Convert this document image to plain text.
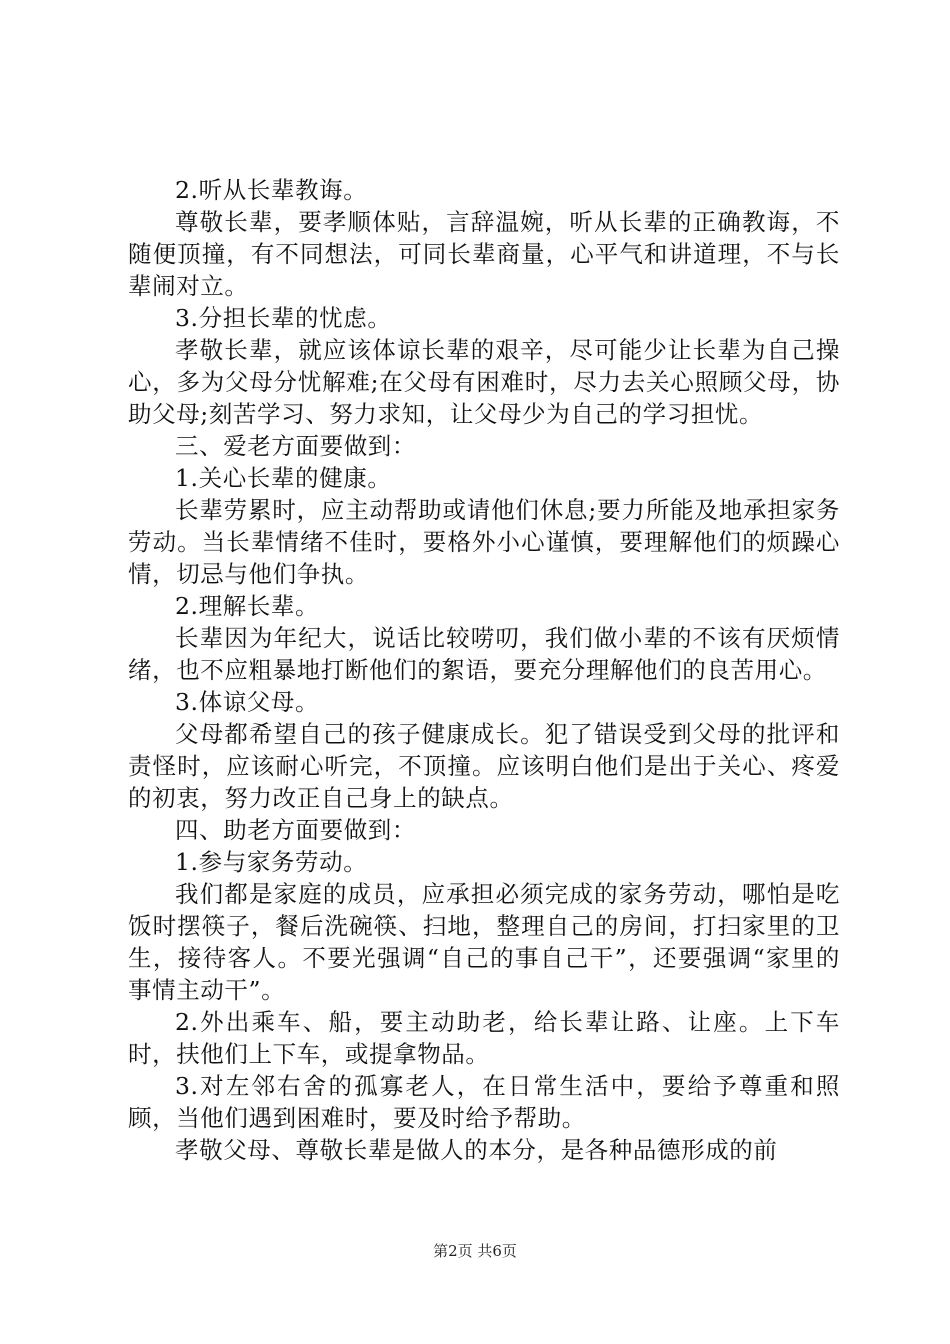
2.听从长辈教诲。

尊敬长辈，要孝顺体贴，言辞温婉，听从长辈的正确教诲，不随便顶撞，有不同想法，可同长辈商量，心平气和讲道理，不与长辈闹对立。

3.分担长辈的忧虑。

孝敬长辈，就应该体谅长辈的艰辛，尽可能少让长辈为自己操心，多为父母分忧解难;在父母有困难时，尽力去关心照顾父母，协助父母;刻苦学习、努力求知，让父母少为自己的学习担忧。

三、爱老方面要做到：

1.关心长辈的健康。

长辈劳累时，应主动帮助或请他们休息;要力所能及地承担家务劳动。当长辈情绪不佳时，要格外小心谨慎，要理解他们的烦躁心情，切忌与他们争执。

2.理解长辈。

长辈因为年纪大，说话比较唠叨，我们做小辈的不该有厌烦情绪，也不应粗暴地打断他们的絮语，要充分理解他们的良苦用心。

3.体谅父母。

父母都希望自己的孩子健康成长。犯了错误受到父母的批评和责怪时，应该耐心听完，不顶撞。应该明白他们是出于关心、疼爱的初衷，努力改正自己身上的缺点。

四、助老方面要做到：

1.参与家务劳动。

我们都是家庭的成员，应承担必须完成的家务劳动，哪怕是吃饭时摆筷子，餐后洗碗筷、扫地，整理自己的房间，打扫家里的卫生，接待客人。不要光强调“自己的事自己干”，还要强调“家里的事情主动干”。

2.外出乘车、船，要主动助老，给长辈让路、让座。上下车时，扶他们上下车，或提拿物品。

3.对左邻右舍的孤寡老人，在日常生活中，要给予尊重和照顾，当他们遇到困难时，要及时给予帮助。

孝敬父母、尊敬长辈是做人的本分，是各种品德形成的前

第2页 共6页
